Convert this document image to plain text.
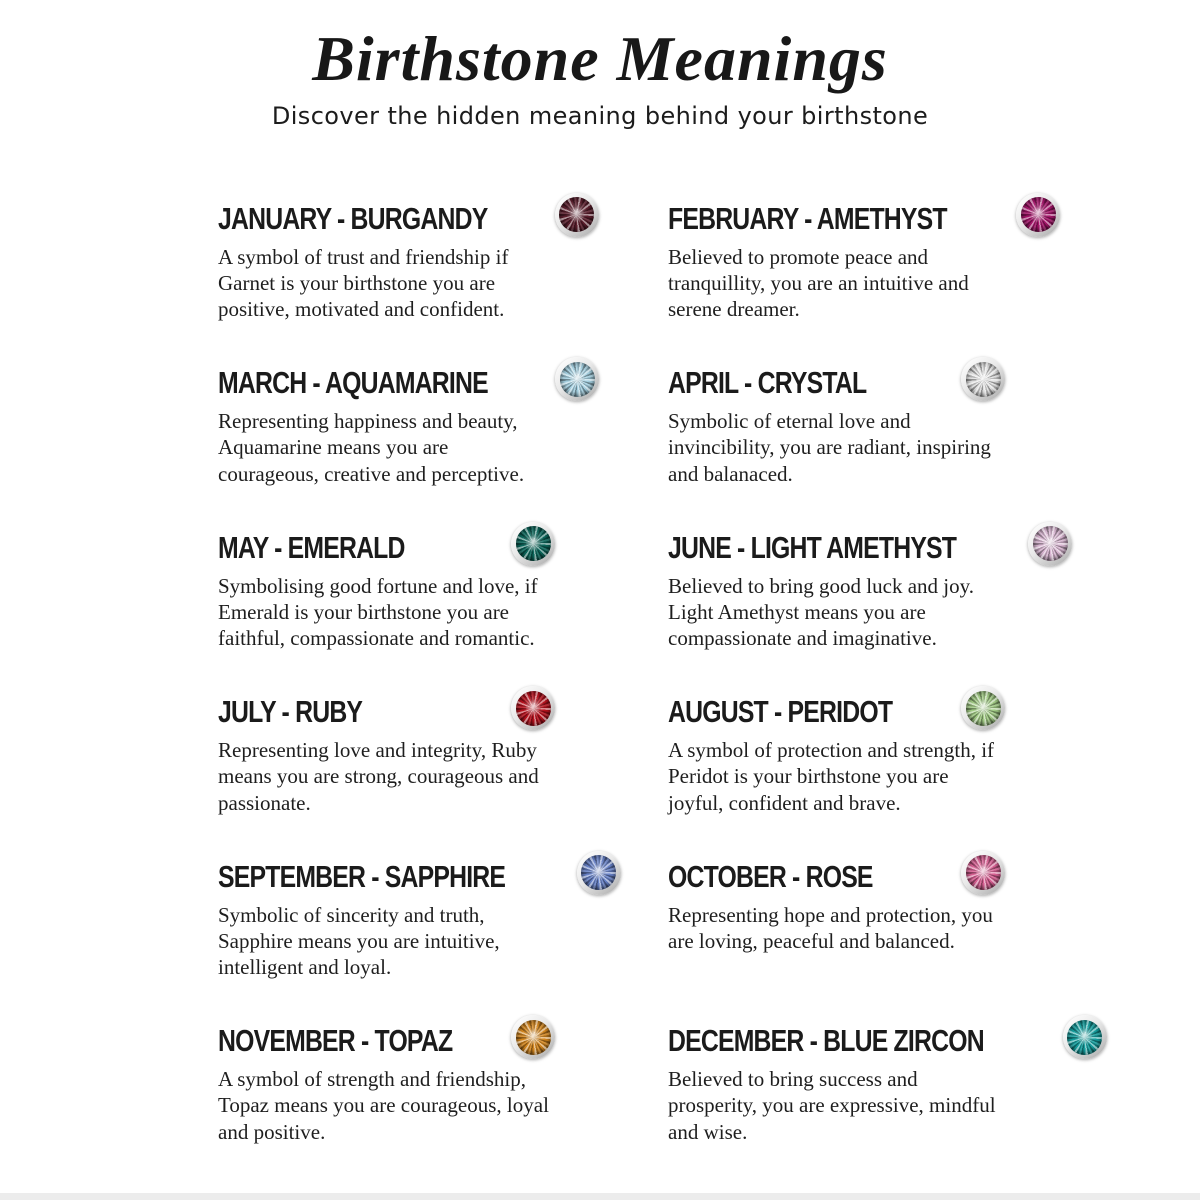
Birthstone Meanings

Discover the hidden meaning behind your birthstone

JANUARY - BURGANDY

A symbol of trust and friendship if Garnet is your birthstone you are positive, motivated and confident.

FEBRUARY - AMETHYST

Believed to promote peace and tranquillity, you are an intuitive and serene dreamer.

MARCH - AQUAMARINE

Representing happiness and beauty, Aquamarine means you are courageous, creative and perceptive.

APRIL - CRYSTAL

Symbolic of eternal love and invincibility, you are radiant, inspiring and balanaced.

MAY - EMERALD

Symbolising good fortune and love, if Emerald is your birthstone you are faithful, compassionate and romantic.

JUNE - LIGHT AMETHYST

Believed to bring good luck and joy. Light Amethyst means you are compassionate and imaginative.

JULY - RUBY

Representing love and integrity, Ruby means you are strong, courageous and passionate.

AUGUST - PERIDOT

A symbol of protection and strength, if Peridot is your birthstone you are joyful, confident and brave.

SEPTEMBER - SAPPHIRE

Symbolic of sincerity and truth, Sapphire means you are intuitive, intelligent and loyal.

OCTOBER - ROSE

Representing hope and protection, you are loving, peaceful and balanced.

NOVEMBER - TOPAZ

A symbol of strength and friendship, Topaz means you are courageous, loyal and positive.

DECEMBER - BLUE ZIRCON

Believed to bring success and prosperity, you are expressive, mindful and wise.
